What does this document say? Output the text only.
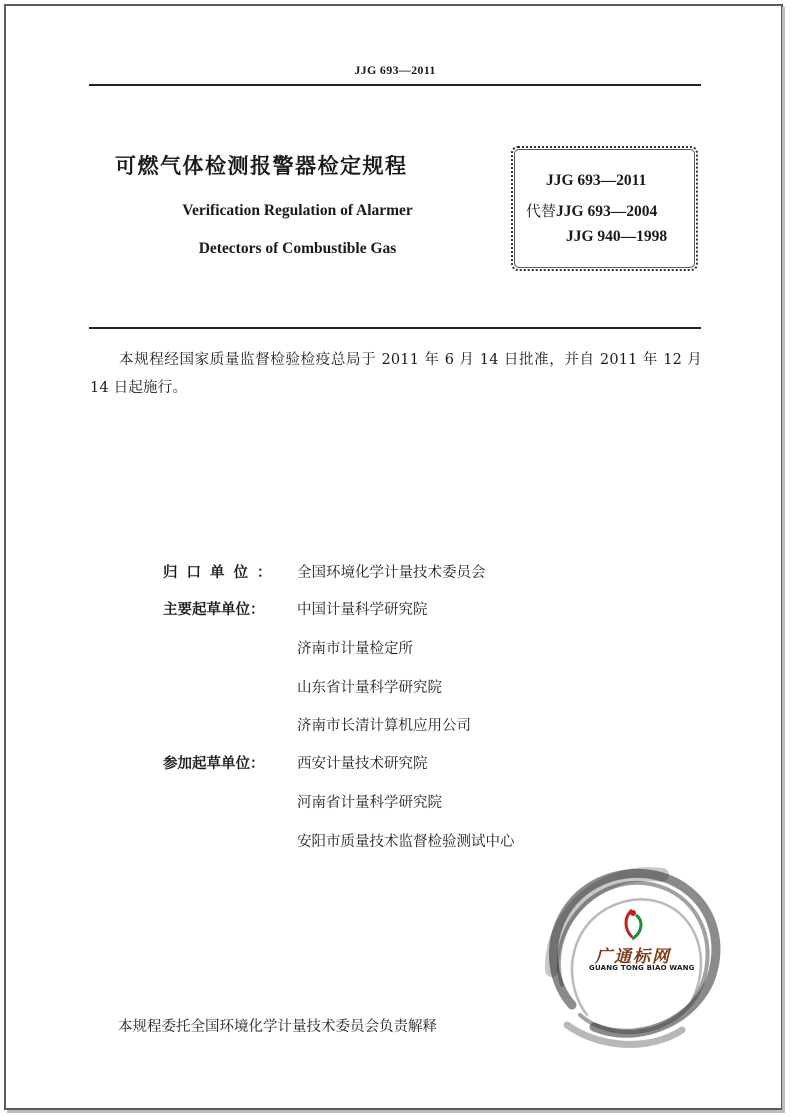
JJG 693—2011
可燃气体检测报警器检定规程
Verification Regulation of Alarmer
Detectors of Combustible Gas
JJG 693—2011
代替JJG 693—2004
JJG 940—1998
本规程经国家质量监督检验检疫总局于 2011 年 6 月 14 日批准，并自 2011 年 12 月 14 日起施行。
归口单位： 全国环境化学计量技术委员会
主要起草单位： 中国计量科学研究院
济南市计量检定所
山东省计量科学研究院
济南市长清计算机应用公司
参加起草单位： 西安计量技术研究院
河南省计量科学研究院
安阳市质量技术监督检验测试中心
广通标网
GUANG TONG BIAO WANG
本规程委托全国环境化学计量技术委员会负责解释
